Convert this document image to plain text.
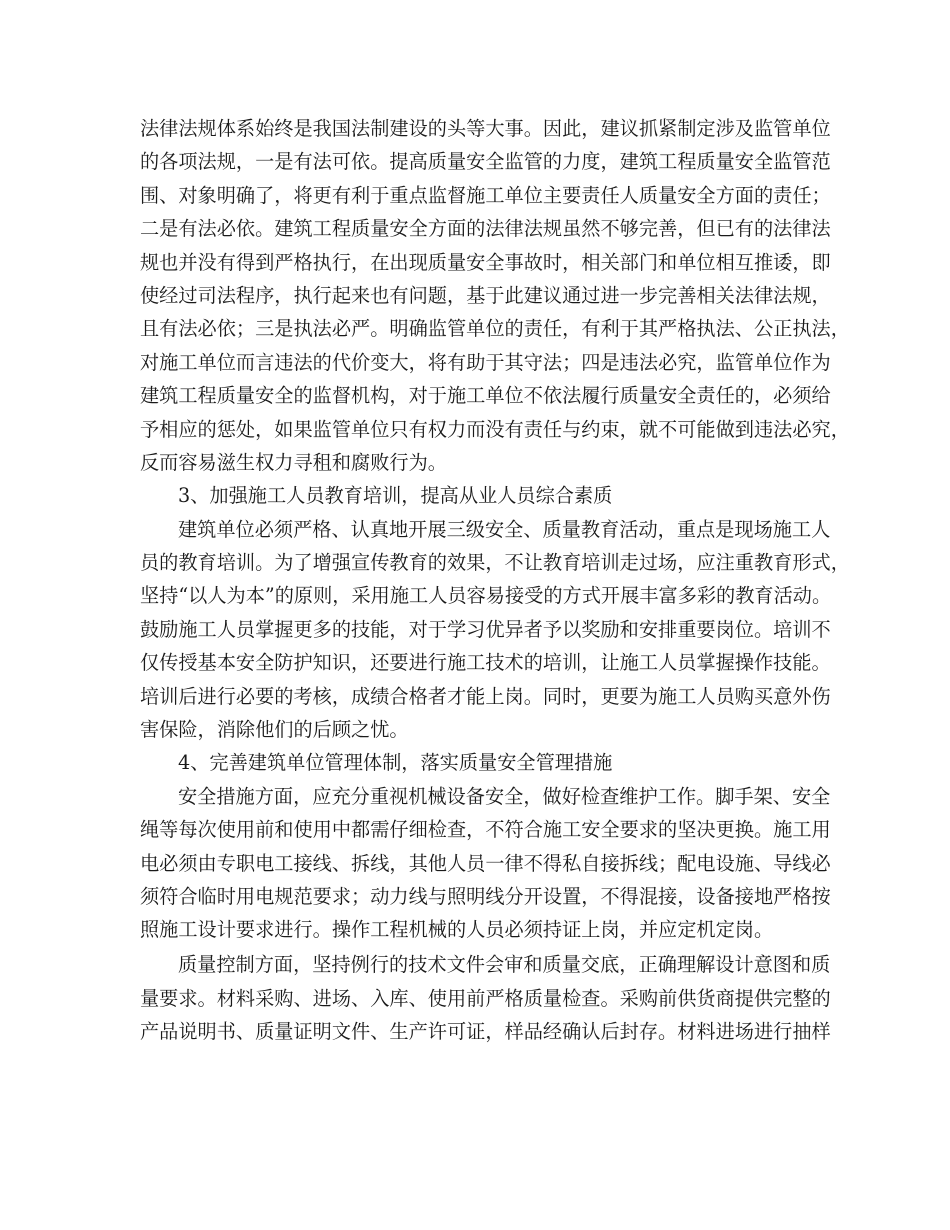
法律法规体系始终是我国法制建设的头等大事。因此，建议抓紧制定涉及监管单位
的各项法规，一是有法可依。提高质量安全监管的力度，建筑工程质量安全监管范
围、对象明确了，将更有利于重点监督施工单位主要责任人质量安全方面的责任；
二是有法必依。建筑工程质量安全方面的法律法规虽然不够完善，但已有的法律法
规也并没有得到严格执行，在出现质量安全事故时，相关部门和单位相互推诿，即
使经过司法程序，执行起来也有问题，基于此建议通过进一步完善相关法律法规，
且有法必依；三是执法必严。明确监管单位的责任，有利于其严格执法、公正执法，
对施工单位而言违法的代价变大，将有助于其守法；四是违法必究，监管单位作为
建筑工程质量安全的监督机构，对于施工单位不依法履行质量安全责任的，必须给
予相应的惩处，如果监管单位只有权力而没有责任与约束，就不可能做到违法必究，
反而容易滋生权力寻租和腐败行为。
3、加强施工人员教育培训，提高从业人员综合素质
建筑单位必须严格、认真地开展三级安全、质量教育活动，重点是现场施工人
员的教育培训。为了增强宣传教育的效果，不让教育培训走过场，应注重教育形式，
坚持“以人为本”的原则，采用施工人员容易接受的方式开展丰富多彩的教育活动。
鼓励施工人员掌握更多的技能，对于学习优异者予以奖励和安排重要岗位。培训不
仅传授基本安全防护知识，还要进行施工技术的培训，让施工人员掌握操作技能。
培训后进行必要的考核，成绩合格者才能上岗。同时，更要为施工人员购买意外伤
害保险，消除他们的后顾之忧。
4、完善建筑单位管理体制，落实质量安全管理措施
安全措施方面，应充分重视机械设备安全，做好检查维护工作。脚手架、安全
绳等每次使用前和使用中都需仔细检查，不符合施工安全要求的坚决更换。施工用
电必须由专职电工接线、拆线，其他人员一律不得私自接拆线；配电设施、导线必
须符合临时用电规范要求；动力线与照明线分开设置，不得混接，设备接地严格按
照施工设计要求进行。操作工程机械的人员必须持证上岗，并应定机定岗。
质量控制方面，坚持例行的技术文件会审和质量交底，正确理解设计意图和质
量要求。材料采购、进场、入库、使用前严格质量检查。采购前供货商提供完整的
产品说明书、质量证明文件、生产许可证，样品经确认后封存。材料进场进行抽样
